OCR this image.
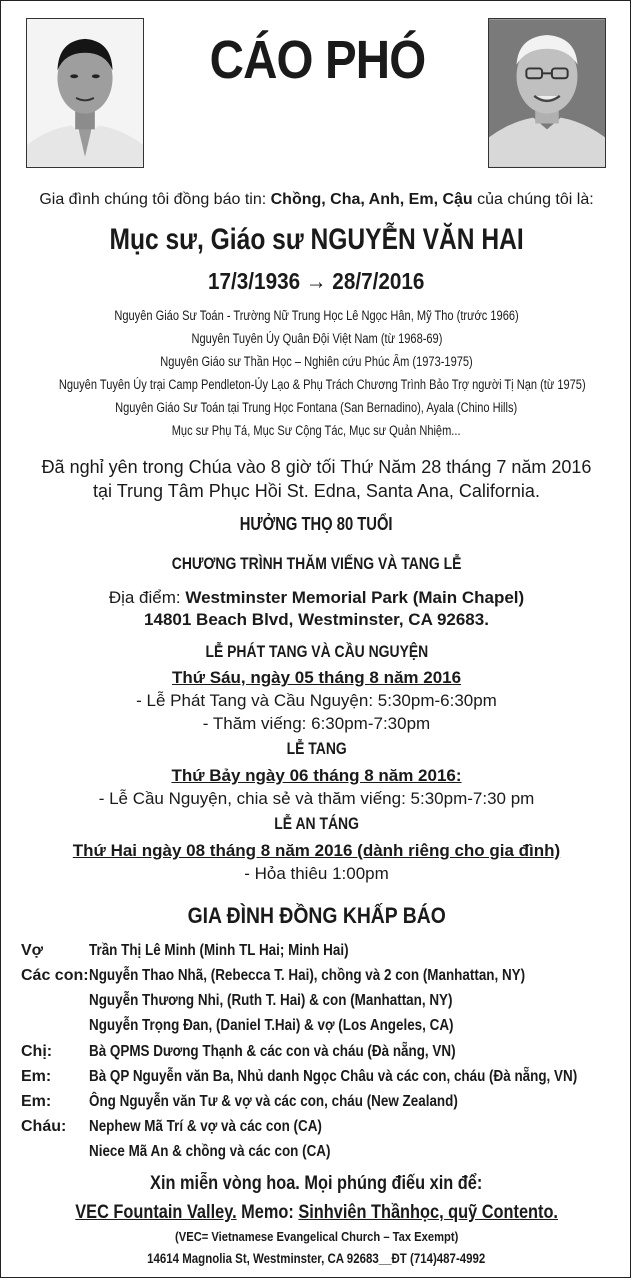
CÁO PHÓ
Gia đình chúng tôi đồng báo tin: Chồng, Cha, Anh, Em, Cậu của chúng tôi là:
Mục sư, Giáo sư NGUYỄN VĂN HAI
17/3/1936 → 28/7/2016
Nguyên Giáo Sư Toán - Trường Nữ Trung Học Lê Ngọc Hân, Mỹ Tho (trước 1966)
Nguyên Tuyên Úy Quân Đội Việt Nam (từ 1968-69)
Nguyên Giáo sư Thần Học – Nghiên cứu Phúc Âm (1973-1975)
Nguyên Tuyên Úy trại Camp Pendleton-Ủy Lạo & Phụ Trách Chương Trình Bảo Trợ người Tị Nạn (từ 1975)
Nguyên Giáo Sư Toán tại Trung Học Fontana (San Bernadino), Ayala (Chino Hills)
Mục sư Phụ Tá, Mục Sư Cộng Tác, Mục sư Quản Nhiệm...
Đã nghỉ yên trong Chúa vào 8 giờ tối Thứ Năm 28 tháng 7 năm 2016
tại Trung Tâm Phục Hồi St. Edna, Santa Ana, California.
HƯỞNG THỌ 80 TUỔI
CHƯƠNG TRÌNH THĂM VIẾNG VÀ TANG LỄ
Địa điểm: Westminster Memorial Park (Main Chapel)
14801 Beach Blvd, Westminster, CA 92683.
LỄ PHÁT TANG VÀ CẦU NGUYỆN
Thứ Sáu, ngày 05 tháng 8 năm 2016
- Lễ Phát Tang và Cầu Nguyện: 5:30pm-6:30pm
- Thăm viếng: 6:30pm-7:30pm
LỄ TANG
Thứ Bảy ngày 06 tháng 8 năm 2016:
- Lễ Cầu Nguyện, chia sẻ và thăm viếng: 5:30pm-7:30 pm
LỄ AN TÁNG
Thứ Hai ngày 08 tháng 8 năm 2016 (dành riêng cho gia đình)
- Hỏa thiêu 1:00pm
GIA ĐÌNH ĐỒNG KHẤP BÁO
Vợ	Trần Thị Lê Minh (Minh TL Hai; Minh Hai)
Các con: Nguyễn Thao Nhã, (Rebecca T. Hai), chồng và 2 con (Manhattan, NY)
Nguyễn Thương Nhi, (Ruth T. Hai) & con (Manhattan, NY)
Nguyễn Trọng Đan, (Daniel T.Hai) & vợ (Los Angeles, CA)
Chị: Bà QPMS Dương Thạnh & các con và cháu (Đà nẵng, VN)
Em: Bà QP Nguyễn văn Ba, Nhủ danh Ngọc Châu và các con, cháu (Đà nẵng, VN)
Em: Ông Nguyễn văn Tư & vợ và các con, cháu (New Zealand)
Cháu: Nephew Mã Trí & vợ và các con (CA)
Niece Mã An & chồng và các con (CA)
Xin miễn vòng hoa. Mọi phúng điếu xin để:
VEC Fountain Valley. Memo: Sinhviên Thầnhọc, quỹ Contento.
(VEC= Vietnamese Evangelical Church – Tax Exempt)
14614 Magnolia St, Westminster, CA 92683__ĐT (714)487-4992
